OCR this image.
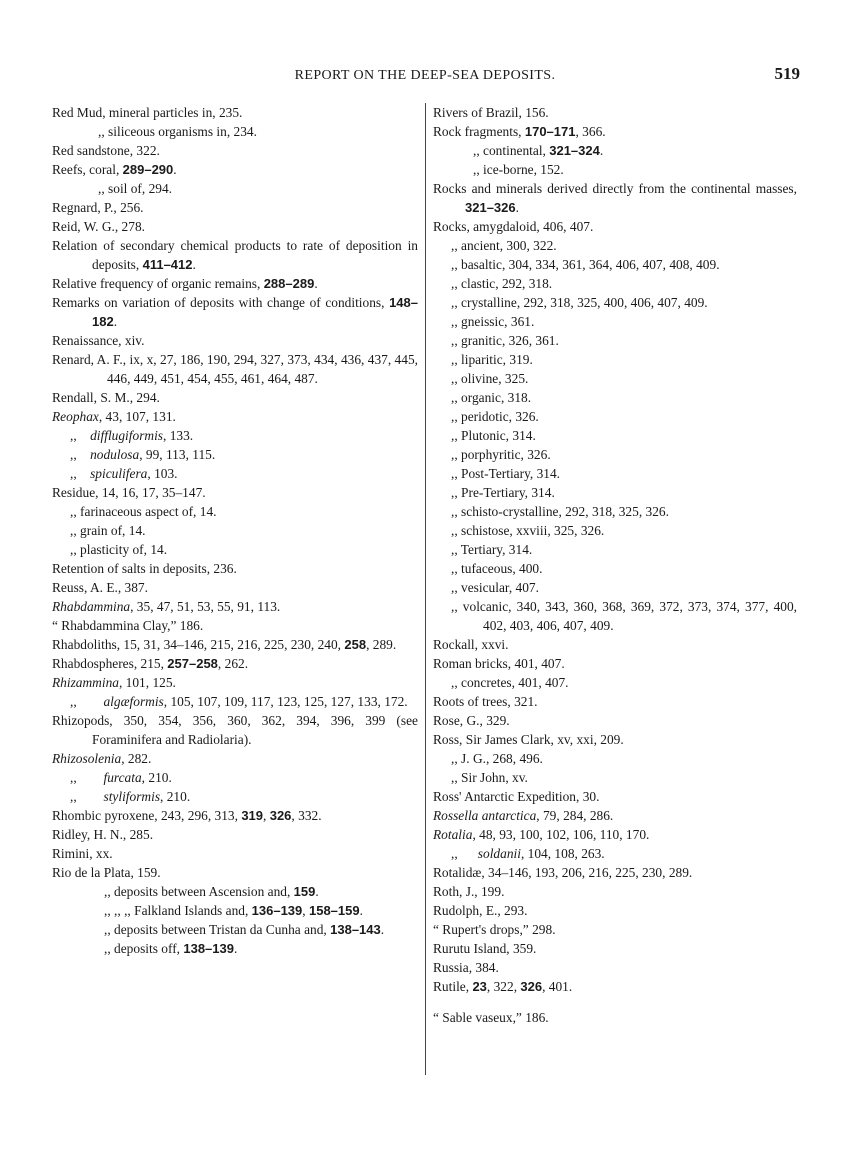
REPORT ON THE DEEP-SEA DEPOSITS.	519

Red Mud, mineral particles in, 235.

,, siliceous organisms in, 234.

Red sandstone, 322.

Reefs, coral, 289–290.

,, soil of, 294.

Regnard, P., 256.

Reid, W. G., 278.

Relation of secondary chemical products to rate of deposition in deposits, 411–412.

Relative frequency of organic remains, 288–289.

Remarks on variation of deposits with change of conditions, 148–182.

Renaissance, xiv.

Renard, A. F., ix, x, 27, 186, 190, 294, 327, 373, 434, 436, 437, 445, 446, 449, 451, 454, 455, 461, 464, 487.

Rendall, S. M., 294.

Reophax, 43, 107, 131.

,,    difflugiformis, 133.

,,    nodulosa, 99, 113, 115.

,,    spiculifera, 103.

Residue, 14, 16, 17, 35–147.

,, farinaceous aspect of, 14.

,, grain of, 14.

,, plasticity of, 14.

Retention of salts in deposits, 236.

Reuss, A. E., 387.

Rhabdammina, 35, 47, 51, 53, 55, 91, 113.

“ Rhabdammina Clay,” 186.

Rhabdoliths, 15, 31, 34–146, 215, 216, 225, 230, 240, 258, 289.

Rhabdospheres, 215, 257–258, 262.

Rhizammina, 101, 125.

,,        algæformis, 105, 107, 109, 117, 123, 125, 127, 133, 172.

Rhizopods, 350, 354, 356, 360, 362, 394, 396, 399 (see Foraminifera and Radiolaria).

Rhizosolenia, 282.

,,        furcata, 210.

,,        styliformis, 210.

Rhombic pyroxene, 243, 296, 313, 319, 326, 332.

Ridley, H. N., 285.

Rimini, xx.

Rio de la Plata, 159.

,, deposits between Ascension and, 159.

,, ,, ,, Falkland Islands and, 136–139, 158–159.

,, deposits between Tristan da Cunha and, 138–143.

,, deposits off, 138–139.

Rivers of Brazil, 156.

Rock fragments, 170–171, 366.

,, continental, 321–324.

,, ice-borne, 152.

Rocks and minerals derived directly from the continental masses, 321–326.

Rocks, amygdaloid, 406, 407.

,, ancient, 300, 322.

,, basaltic, 304, 334, 361, 364, 406, 407, 408, 409.

,, clastic, 292, 318.

,, crystalline, 292, 318, 325, 400, 406, 407, 409.

,, gneissic, 361.

,, granitic, 326, 361.

,, liparitic, 319.

,, olivine, 325.

,, organic, 318.

,, peridotic, 326.

,, Plutonic, 314.

,, porphyritic, 326.

,, Post-Tertiary, 314.

,, Pre-Tertiary, 314.

,, schisto-crystalline, 292, 318, 325, 326.

,, schistose, xxviii, 325, 326.

,, Tertiary, 314.

,, tufaceous, 400.

,, vesicular, 407.

,, volcanic, 340, 343, 360, 368, 369, 372, 373, 374, 377, 400, 402, 403, 406, 407, 409.

Rockall, xxvi.

Roman bricks, 401, 407.

,, concretes, 401, 407.

Roots of trees, 321.

Rose, G., 329.

Ross, Sir James Clark, xv, xxi, 209.

,, J. G., 268, 496.

,, Sir John, xv.

Ross' Antarctic Expedition, 30.

Rossella antarctica, 79, 284, 286.

Rotalia, 48, 93, 100, 102, 106, 110, 170.

,,      soldanii, 104, 108, 263.

Rotalidæ, 34–146, 193, 206, 216, 225, 230, 289.

Roth, J., 199.

Rudolph, E., 293.

“ Rupert's drops,” 298.

Rurutu Island, 359.

Russia, 384.

Rutile, 23, 322, 326, 401.

“ Sable vaseux,” 186.
